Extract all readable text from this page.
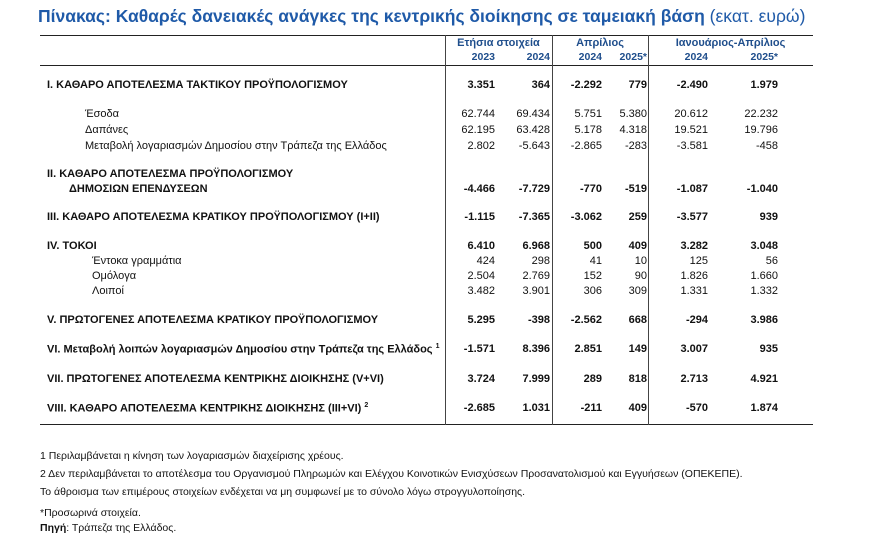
Πίνακας: Καθαρές δανειακές ανάγκες της κεντρικής διοίκησης σε ταμειακή βάση (εκατ. ευρώ)
Ετήσια στοιχεία	Απρίλιος	Ιανουάριος-Απρίλιος
2023	2024	2024 2025*	2024	2025*
I. ΚΑΘΑΡΟ ΑΠΟΤΕΛΕΣΜΑ ΤΑΚΤΙΚΟΥ ΠΡΟΫΠΟΛΟΓΙΣΜΟΥ	3.351	364 -2.292 779	-2.490	1.979
Έσοδα	62.744 69.434 5.751 5.380 20.612	22.232
Δαπάνες	62.195 63.428 5.178 4.318 19.521	19.796
Μεταβολή λογαριασμών Δημοσίου στην Τράπεζα της Ελλάδος	2.802 -5.643 -2.865 -283	-3.581	-458
II. ΚΑΘΑΡΟ ΑΠΟΤΕΛΕΣΜΑ ΠΡΟΫΠΟΛΟΓΙΣΜΟΥ
ΔΗΜΟΣΙΩΝ ΕΠΕΝΔΥΣΕΩΝ	-4.466 -7.729	-770 -519	-1.087	-1.040
III. ΚΑΘΑΡΟ ΑΠΟΤΕΛΕΣΜΑ ΚΡΑΤΙΚΟΥ ΠΡΟΫΠΟΛΟΓΙΣΜΟΥ (I+II)	-1.115 -7.365 -3.062 259	-3.577	939
IV. ΤΟΚΟΙ	6.410 6.968	500 409	3.282	3.048
Έντοκα γραμμάτια	424	298	41	10	125	56
Ομόλογα	2.504 2.769	152	90	1.826	1.660
Λοιποί	3.482 3.901	306 309	1.331	1.332
V. ΠΡΩΤΟΓΕΝΕΣ ΑΠΟΤΕΛΕΣΜΑ ΚΡΑΤΙΚΟΥ ΠΡΟΫΠΟΛΟΓΙΣΜΟΥ	5.295	-398 -2.562 668	-294	3.986
VI. Μεταβολή λοιπών λογαριασμών Δημοσίου στην Τράπεζα της Ελλάδος $^1$ -1.571 8.396 2.851 149	3.007	935
VII. ΠΡΩΤΟΓΕΝΕΣ ΑΠΟΤΕΛΕΣΜΑ ΚΕΝΤΡΙΚΗΣ ΔΙΟΙΚΗΣΗΣ (V+VI)	3.724 7.999	289 818	2.713	4.921
VIII. ΚΑΘΑΡΟ ΑΠΟΤΕΛΕΣΜΑ ΚΕΝΤΡΙΚΗΣ ΔΙΟΙΚΗΣΗΣ (III+VI) $^2$	-2.685 1.031	-211 409	-570	1.874
1 Περιλαμβάνεται η κίνηση των λογαριασμών διαχείρισης χρέους.
2 Δεν περιλαμβάνεται το αποτέλεσμα του Οργανισμού Πληρωμών και Ελέγχου Κοινοτικών Ενισχύσεων Προσανατολισμού και Εγγυήσεων (ΟΠΕΚΕΠΕ).
Το άθροισμα των επιμέρους στοιχείων ενδέχεται να μη συμφωνεί με το σύνολο λόγω στρογγυλοποίησης.
*Προσωρινά στοιχεία.
Πηγή: Τράπεζα της Ελλάδος.
